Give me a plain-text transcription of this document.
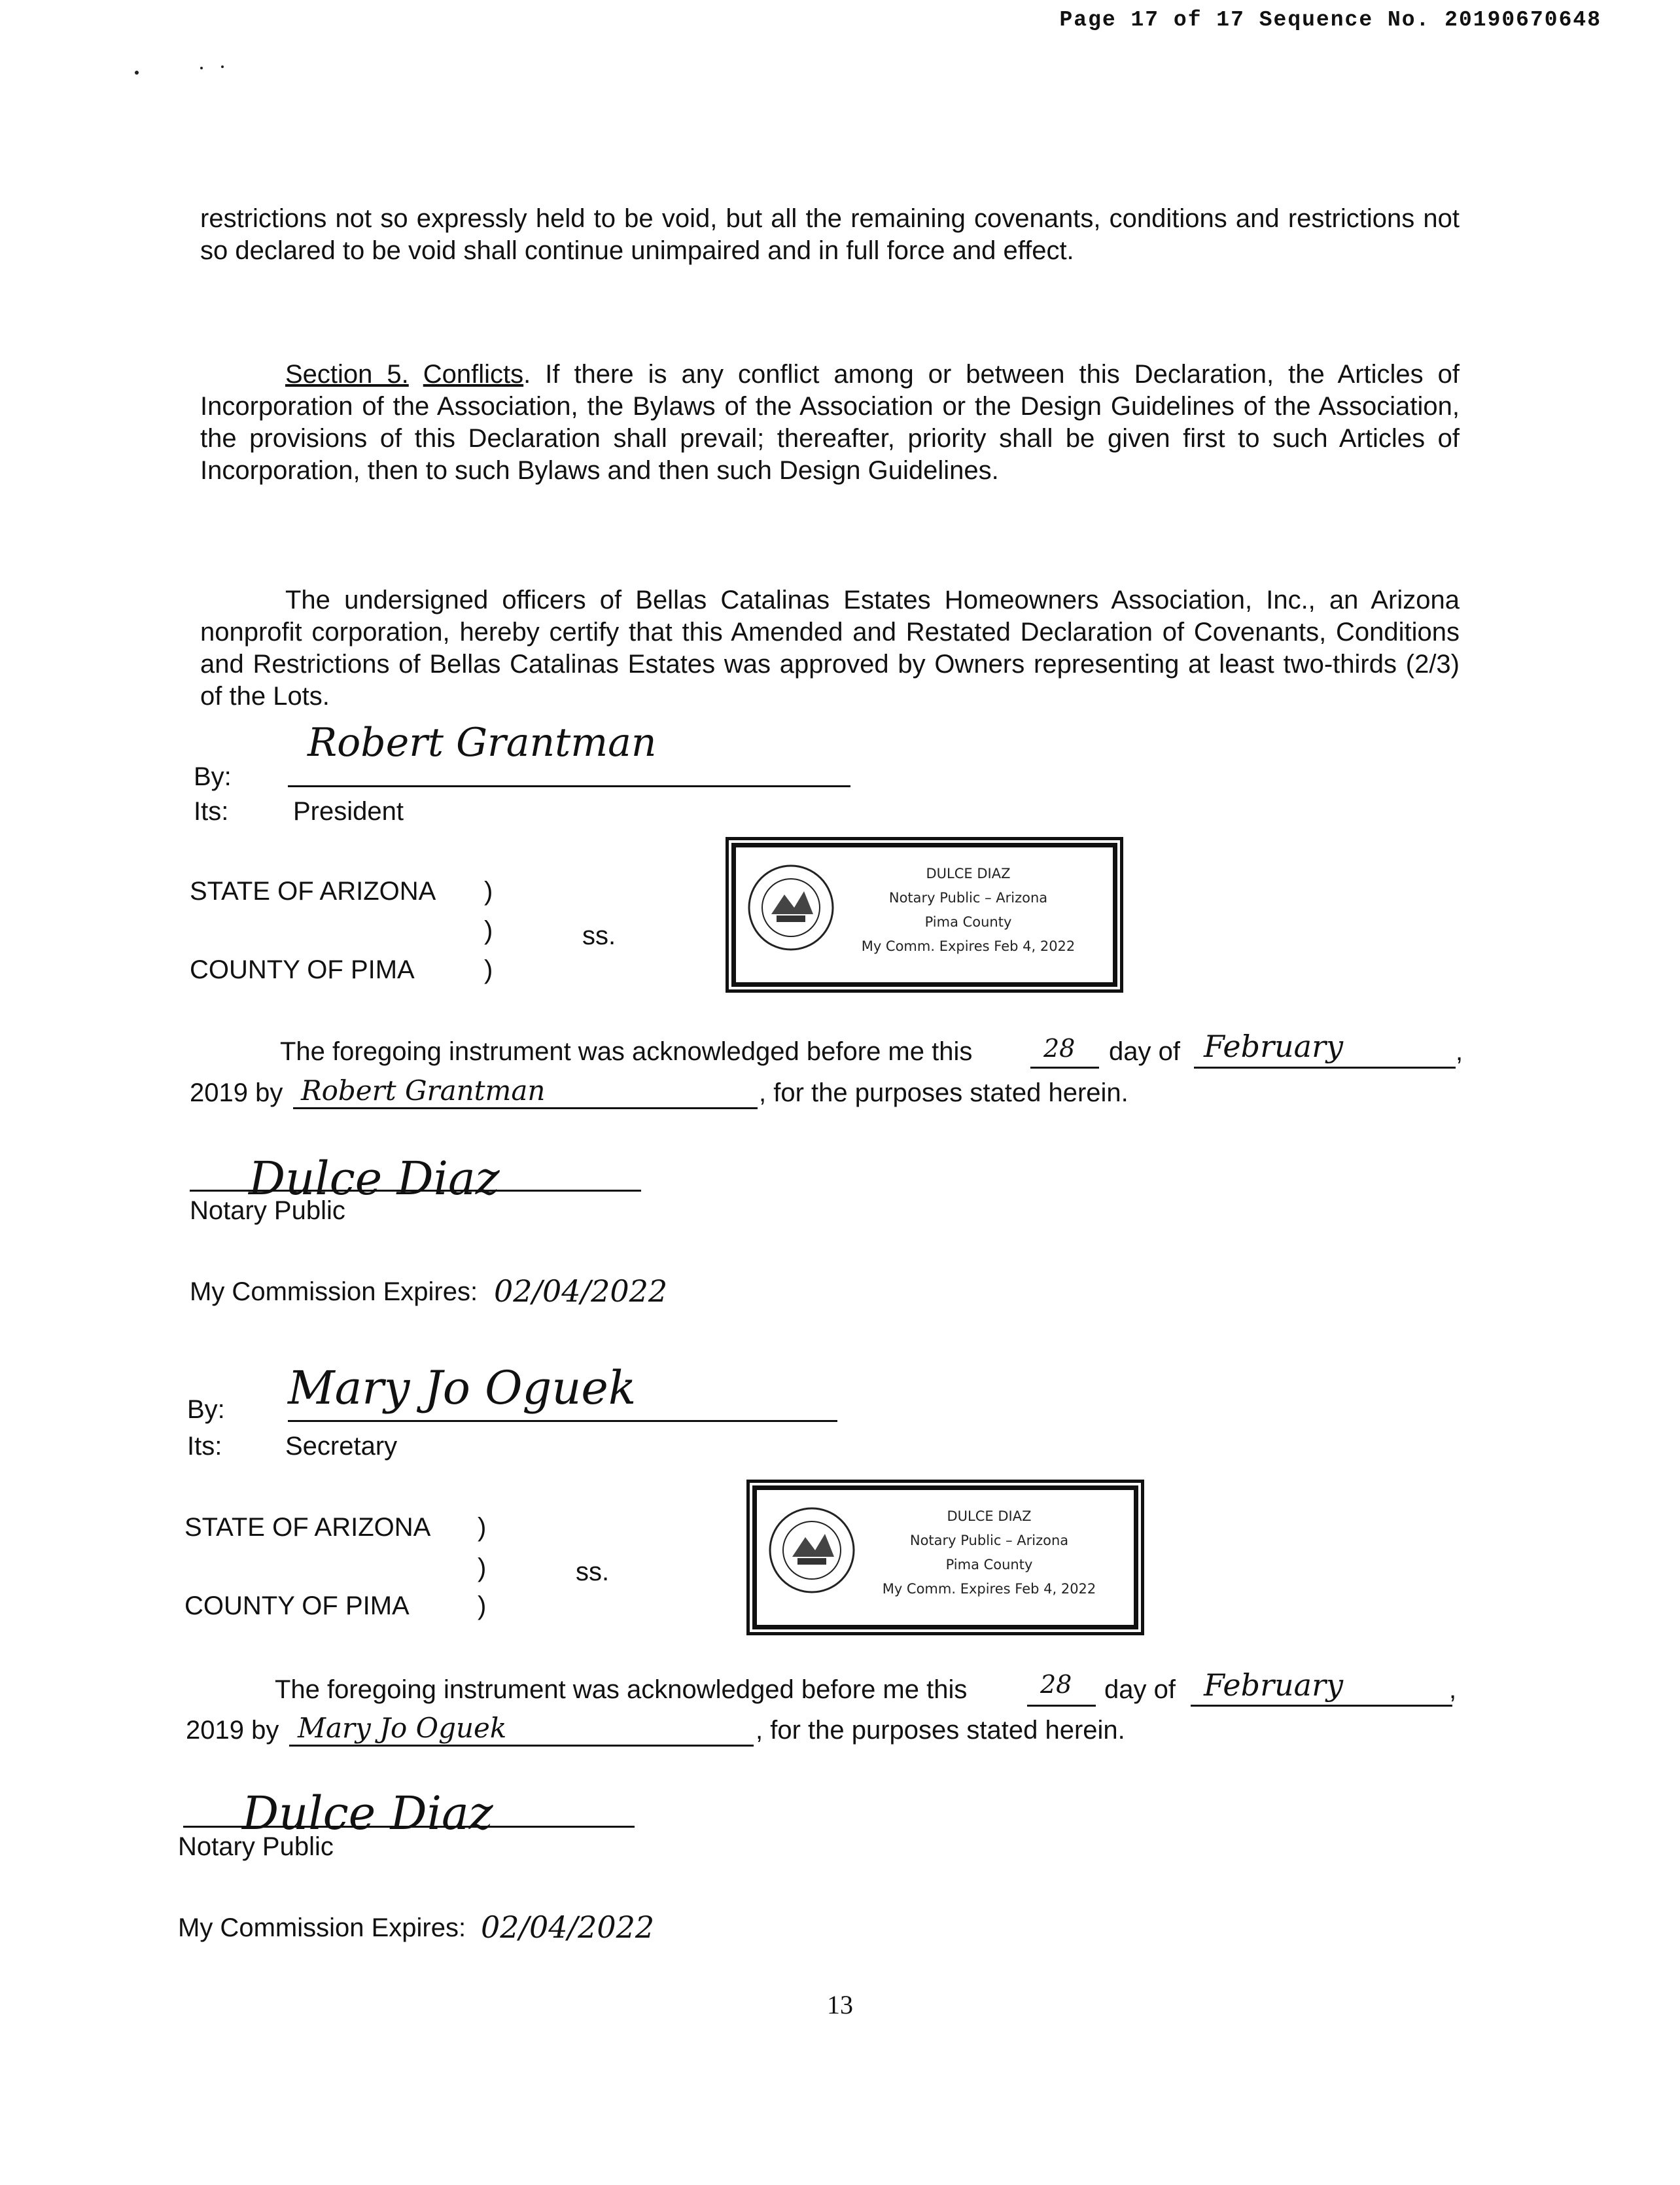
Page 17 of 17 Sequence No. 20190670648

restrictions not so expressly held to be void, but all the remaining covenants, conditions and restrictions not so declared to be void shall continue unimpaired and in full force and effect.

Section 5. Conflicts. If there is any conflict among or between this Declaration, the Articles of Incorporation of the Association, the Bylaws of the Association or the Design Guidelines of the Association, the provisions of this Declaration shall prevail; thereafter, priority shall be given first to such Articles of Incorporation, then to such Bylaws and then such Design Guidelines.

The undersigned officers of Bellas Catalinas Estates Homeowners Association, Inc., an Arizona nonprofit corporation, hereby certify that this Amended and Restated Declaration of Covenants, Conditions and Restrictions of Bellas Catalinas Estates was approved by Owners representing at least two-thirds (2/3) of the Lots.

Robert Grantman
By:
Its: President
STATE OF ARIZONA )
)	ss.
COUNTY OF PIMA	)
DULCE DIAZ
Notary Public – Arizona
Pima County
My Comm. Expires Feb 4, 2022
The foregoing instrument was acknowledged before me this	28 day of February	,
2019 by Robert Grantman	, for the purposes stated herein.
Dulce Diaz
Notary Public
My Commission Expires: 02/04/2022
Mary Jo Oguek
By:
Its: Secretary
STATE OF ARIZONA )
)	ss.
COUNTY OF PIMA	)
DULCE DIAZ
Notary Public – Arizona
Pima County
My Comm. Expires Feb 4, 2022
The foregoing instrument was acknowledged before me this	28 day of February	,
2019 by Mary Jo Oguek	, for the purposes stated herein.
Dulce Diaz
Notary Public
My Commission Expires: 02/04/2022
13
